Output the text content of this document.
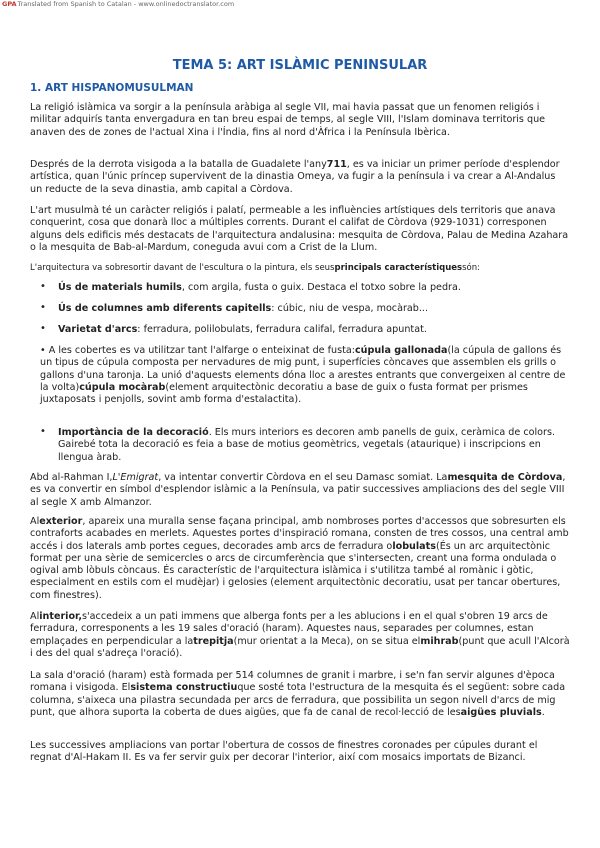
GPATranslated from Spanish to Catalan - www.onlinedoctranslator.com
TEMA 5: ART ISLÀMIC PENINSULAR
1. ART HISPANOMUSULMAN

La religió islàmica va sorgir a la península aràbiga al segle VII, mai havia passat que un fenomen religiós i militar adquirís tanta envergadura en tan breu espai de temps, al segle VIII, l'Islam dominava territoris que anaven des de zones de l'actual Xina i l'Índia, fins al nord d'Àfrica i la Península Ibèrica.

Després de la derrota visigoda a la batalla de Guadalete l'any711, es va iniciar un primer període d'esplendor artística, quan l'únic príncep supervivent de la dinastia Omeya, va fugir a la península i va crear a Al-Andalus un reducte de la seva dinastia, amb capital a Còrdova.

L'art musulmà té un caràcter religiós i palatí, permeable a les influències artístiques dels territoris que anava conquerint, cosa que donarà lloc a múltiples corrents. Durant el califat de Còrdova (929-1031) corresponen alguns dels edificis més destacats de l'arquitectura andalusina: mesquita de Còrdova, Palau de Medina Azahara o la mesquita de Bab-al-Mardum, coneguda avui com a Crist de la Llum.

L'arquitectura va sobresortir davant de l'escultura o la pintura, els seusprincipals característiquessón:

• Ús de materials humils, com argila, fusta o guix. Destaca el totxo sobre la pedra.

• Ús de columnes amb diferents capitells: cúbic, niu de vespa, mocàrab...

• Varietat d'arcs: ferradura, polilobulats, ferradura califal, ferradura apuntat.

• A les cobertes es va utilitzar tant l'alfarge o enteixinat de fusta:cúpula gallonada(la cúpula de gallons és un tipus de cúpula composta per nervadures de mig punt, i superfícies còncaves que assemblen els grills o gallons d'una taronja. La unió d'aquests elements dóna lloc a arestes entrants que convergeixen al centre de la volta)cúpula mocàrab(element arquitectònic decoratiu a base de guix o fusta format per prismes juxtaposats i penjolls, sovint amb forma d'estalactita).

• Importància de la decoració. Els murs interiors es decoren amb panells de guix, ceràmica de colors. Gairebé tota la decoració es feia a base de motius geomètrics, vegetals (ataurique) i inscripcions en llengua àrab.

Abd al-Rahman I,L'Emigrat, va intentar convertir Còrdova en el seu Damasc somiat. Lamesquita de Còrdova, es va convertir en símbol d'esplendor islàmic a la Península, va patir successives ampliacions des del segle VIII al segle X amb Almanzor.

Alexterior, apareix una muralla sense façana principal, amb nombroses portes d'accessos que sobresurten els contraforts acabades en merlets. Aquestes portes d'inspiració romana, consten de tres cossos, una central amb accés i dos laterals amb portes cegues, decorades amb arcs de ferradura olobulats(És un arc arquitectònic format per una sèrie de semicercles o arcs de circumferència que s'intersecten, creant una forma ondulada o ogival amb lòbuls còncaus. És característic de l'arquitectura islàmica i s'utilitza també al romànic i gòtic, especialment en estils com el mudèjar) i gelosies (element arquitectònic decoratiu, usat per tancar obertures, com finestres).

Alinterior,s'accedeix a un pati immens que alberga fonts per a les ablucions i en el qual s'obren 19 arcs de ferradura, corresponents a les 19 sales d'oració (haram). Aquestes naus, separades per columnes, estan emplaçades en perpendicular a latrepitja(mur orientat a la Meca), on se situa elmihrab(punt que acull l'Alcorà i des del qual s'adreça l'oració).

La sala d'oració (haram) està formada per 514 columnes de granit i marbre, i se'n fan servir algunes d'època romana i visigoda. Elsistema constructiuque sosté tota l'estructura de la mesquita és el següent: sobre cada columna, s'aixeca una pilastra secundada per arcs de ferradura, que possibilita un segon nivell d'arcs de mig punt, que alhora suporta la coberta de dues aigües, que fa de canal de recol·lecció de lesaigües pluvials.

Les successives ampliacions van portar l'obertura de cossos de finestres coronades per cúpules durant el regnat d'Al-Hakam II. Es va fer servir guix per decorar l'interior, així com mosaics importats de Bizanci.
